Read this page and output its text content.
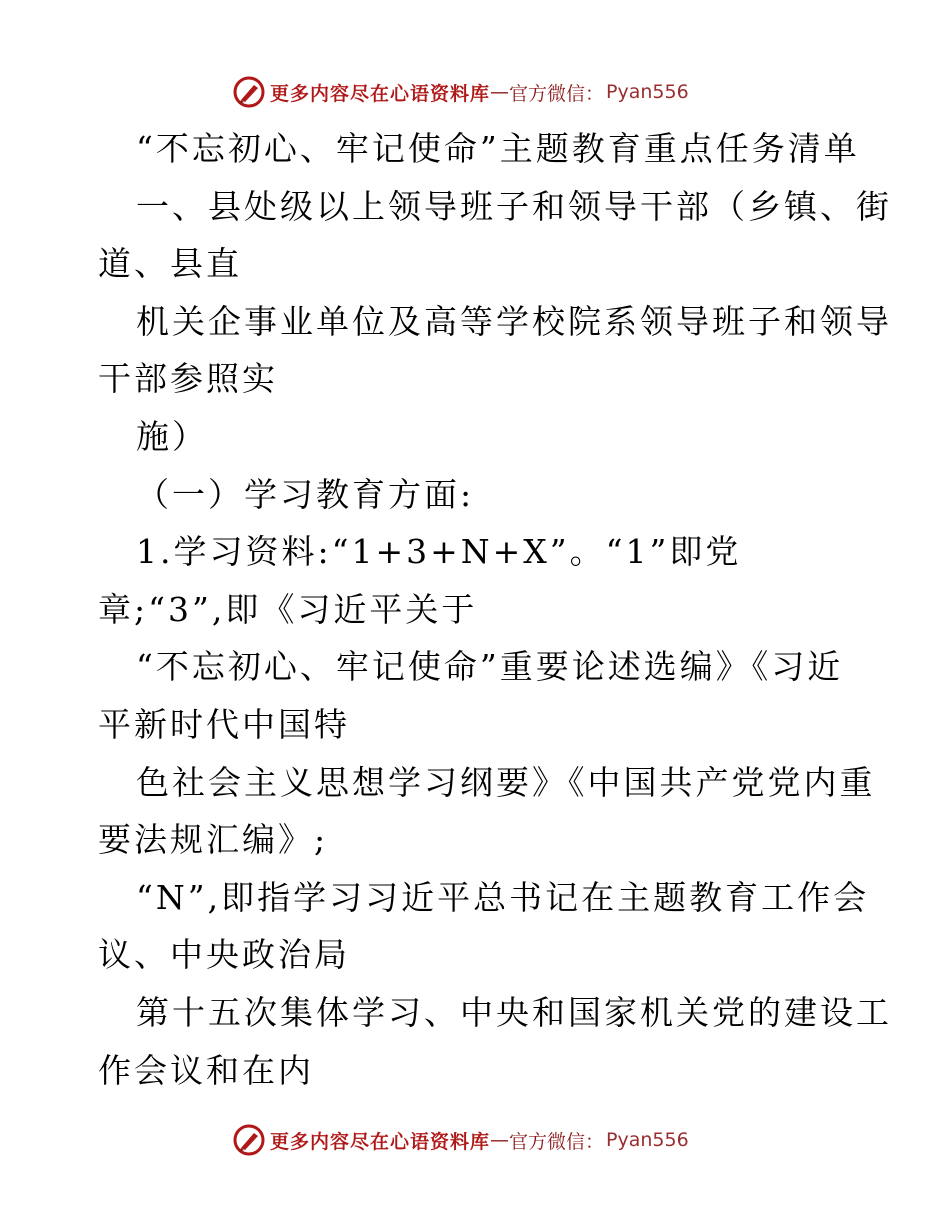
更多内容尽在心语资料库 — 官方微信： Pyan556
“不忘初心、牢记使命”主题教育重点任务清单
一、县处级以上领导班子和领导干部（乡镇、街
道、县直
机关企事业单位及高等学校院系领导班子和领导
干部参照实
施）
（一）学习教育方面:
1.学习资料:“1+3+N+X”。“1”即党
章;“3”,即《习近平关于
“不忘初心、牢记使命”重要论述选编》《习近
平新时代中国特
色社会主义思想学习纲要》《中国共产党党内重
要法规汇编》;
“N”,即指学习习近平总书记在主题教育工作会
议、中央政治局
第十五次集体学习、中央和国家机关党的建设工
作会议和在内
更多内容尽在心语资料库 — 官方微信： Pyan556
